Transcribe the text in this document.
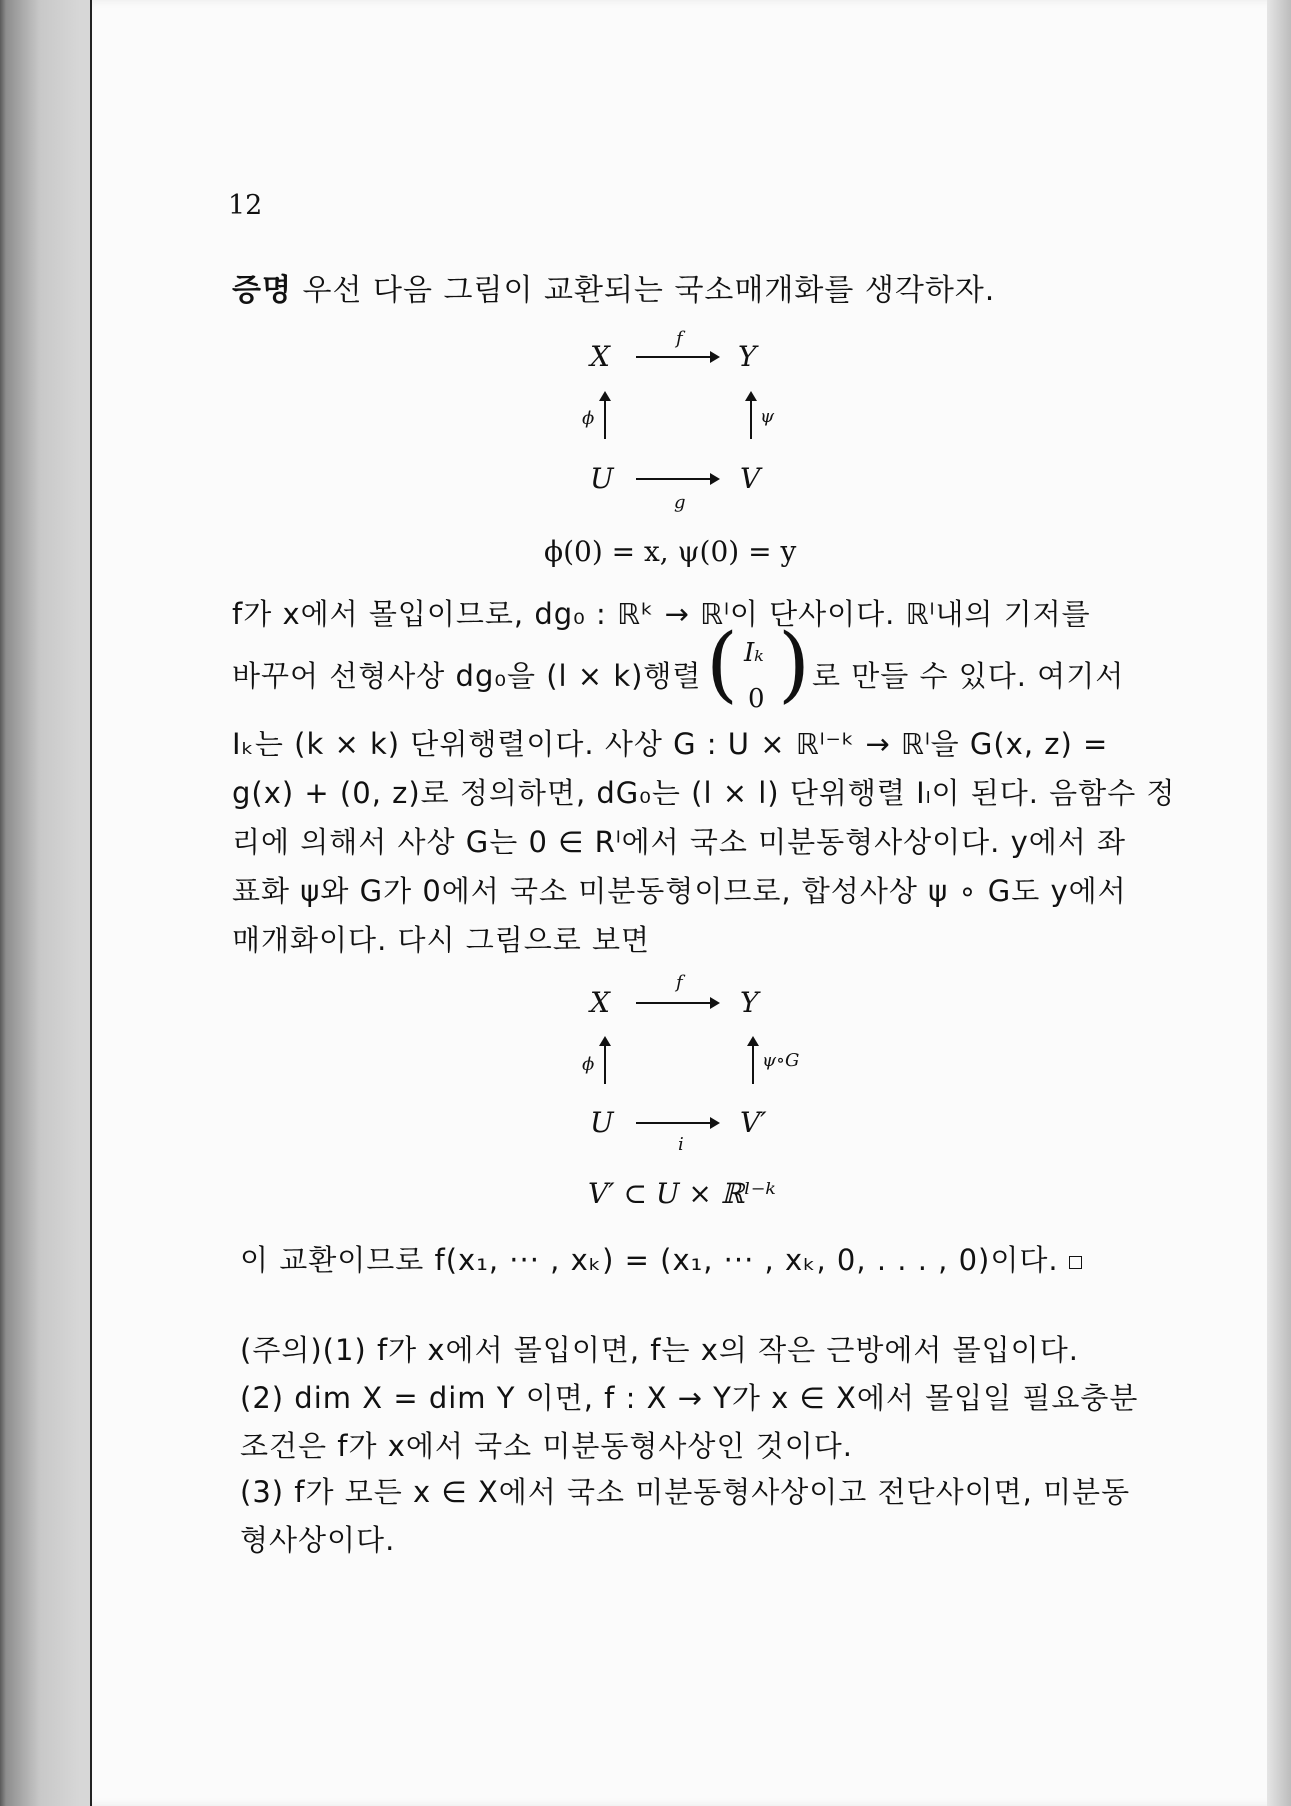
12
증명 우선 다음 그림이 교환되는 국소매개화를 생각하자.
X	Y
f
ϕ	ψ
U	V
g
ϕ(0) = x, ψ(0) = y
f가 x에서 몰입이므로, dg₀ : ℝᵏ → ℝˡ이 단사이다. ℝˡ내의 기저를
바꾸어 선형사상 dg₀을 (l × k)행렬 ( Iₖ
0 ) 로 만들 수 있다. 여기서
Iₖ는 (k × k) 단위행렬이다. 사상 G : U × ℝˡ⁻ᵏ → ℝˡ을 G(x, z) =
g(x) + (0, z)로 정의하면, dG₀는 (l × l) 단위행렬 Iₗ이 된다. 음함수 정
리에 의해서 사상 G는 0 ∈ Rˡ에서 국소 미분동형사상이다. y에서 좌
표화 ψ와 G가 0에서 국소 미분동형이므로, 합성사상 ψ ∘ G도 y에서
매개화이다. 다시 그림으로 보면
X	Y
f
ϕ	ψ∘G
U	V′
i
V′ ⊂ U × ℝˡ⁻ᵏ
이 교환이므로 f(x₁, ··· , xₖ) = (x₁, ··· , xₖ, 0, . . . , 0)이다.
(주의)(1) f가 x에서 몰입이면, f는 x의 작은 근방에서 몰입이다.
(2) dim X = dim Y 이면, f : X → Y가 x ∈ X에서 몰입일 필요충분
조건은 f가 x에서 국소 미분동형사상인 것이다.
(3) f가 모든 x ∈ X에서 국소 미분동형사상이고 전단사이면, 미분동
형사상이다.
